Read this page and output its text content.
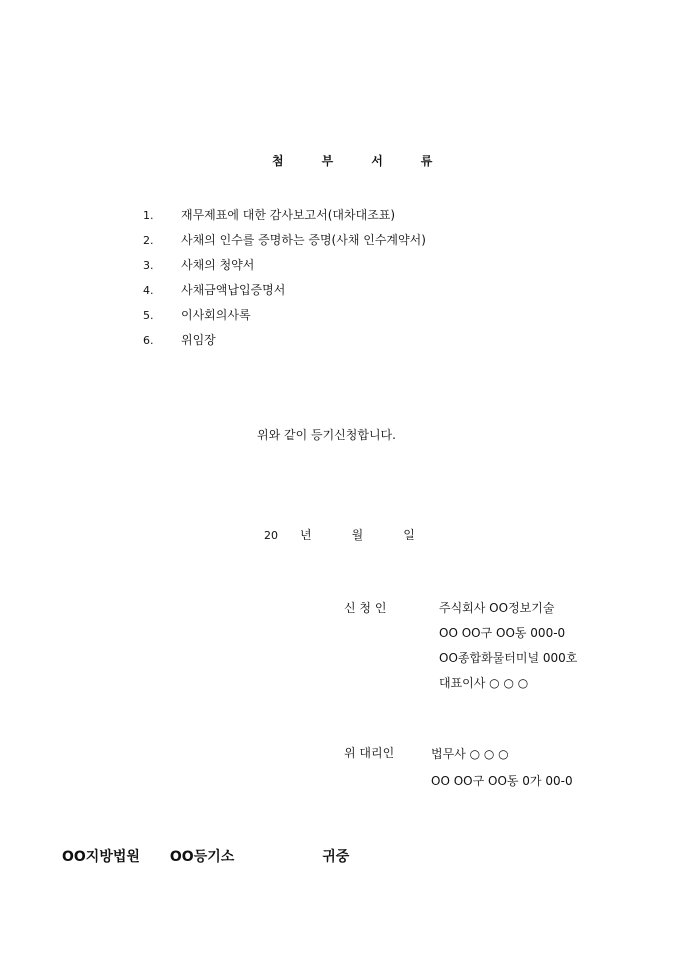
첨	부	서	류
1. 재무제표에 대한 감사보고서(대차대조표)
2. 사채의 인수를 증명하는 증명(사채 인수계약서)
3. 사채의 청약서
4. 사채금액납입증명서
5. 이사회의사록
6. 위임장
위와 같이 등기신청합니다.
20 년	월	일
신 청 인	주식회사 OO정보기술
OO OO구 OO동 000-0
OO종합화물터미널 000호
대표이사 ○ ○ ○
위 대리인	법무사 ○ ○ ○
OO OO구 OO동 0가 00-0
OO지방법원 OO등기소	귀중
